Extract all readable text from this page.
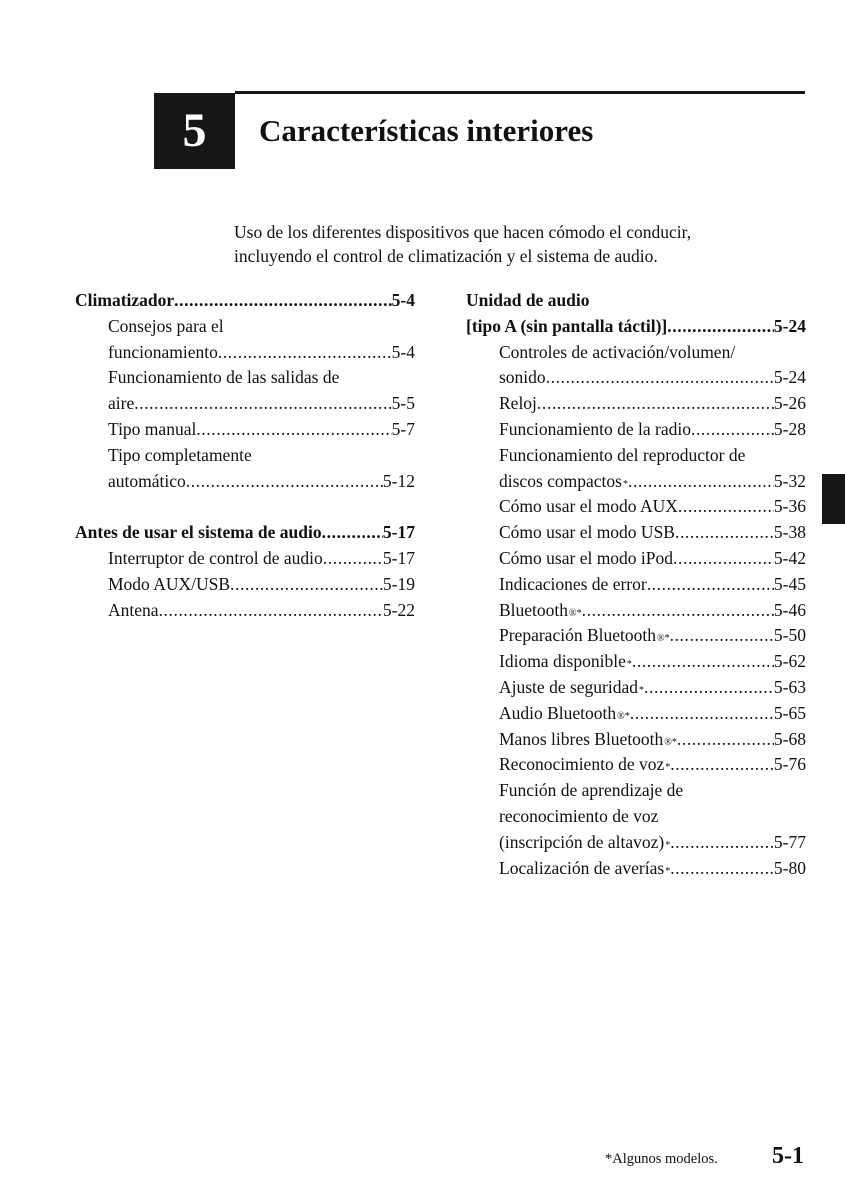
5	Características interiores
Uso de los diferentes dispositivos que hacen cómodo el conducir,
incluyendo el control de climatización y el sistema de audio.
Climatizador .....	5-4
Consejos para el
funcionamiento .....	5-4
Funcionamiento de las salidas de
aire .....	5-5
Tipo manual .....	5-7
Tipo completamente
automático .....	5-12
Antes de usar el sistema de audio .....	5-17
Interruptor de control de audio .....	5-17
Modo AUX/USB .....	5-19
Antena .....	5-22
Unidad de audio
[tipo A (sin pantalla táctil)] .....	5-24
Controles de activación/volumen/
sonido .....	5-24
Reloj .....	5-26
Funcionamiento de la radio .....	5-28
Funcionamiento del reproductor de
discos compactos * .....	5-32
Cómo usar el modo AUX .....	5-36
Cómo usar el modo USB .....	5-38
Cómo usar el modo iPod .....	5-42
Indicaciones de error .....	5-45
Bluetooth ®* .....	5-46
Preparación Bluetooth ®* .....	5-50
Idioma disponible * .....	5-62
Ajuste de seguridad * .....	5-63
Audio Bluetooth ®* .....	5-65
Manos libres Bluetooth ®* .....	5-68
Reconocimiento de voz * .....	5-76
Función de aprendizaje de
reconocimiento de voz
(inscripción de altavoz) * .....	5-77
Localización de averías * .....	5-80
*Algunos modelos. 5-1
